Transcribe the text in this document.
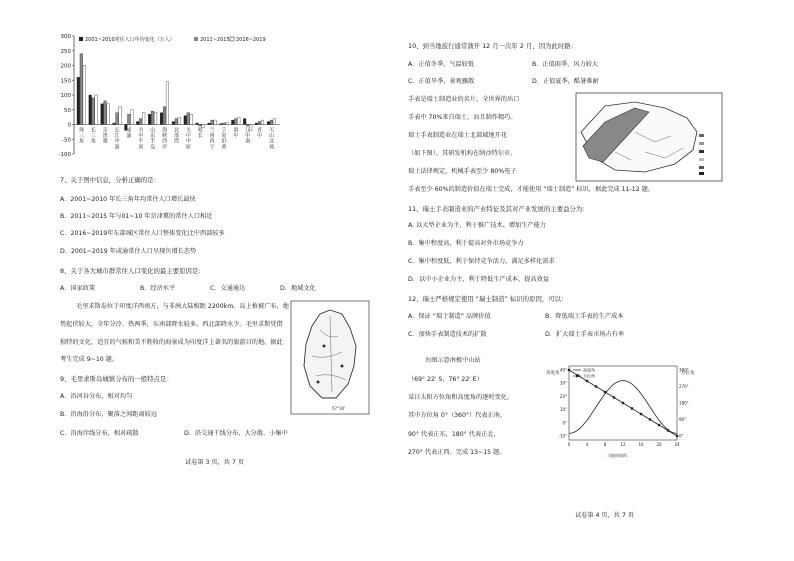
300
250
200
150
100
50
0
-50
-100
2001~2010常住人口年均变化（万人）	2011~2015 2016~2019
珠三角
长三角
京津冀
长江中游
成渝
关中平原
山东半岛
海峡西岸
北部湾
关中中原
哈长
兰州西宁
宁夏沿黄
滇中
辽中南
晋中
天山北坡
7、关于图中信息，分析正确的是：
A．2001~2010 年长三角年均常住人口增长最快
B．2011~2015 年与01~10 年京津冀的常住人口相近
C．2016~2019年东部城区常住人口整体变化比中西部较多
D．2001~2019 年成渝常住人口呈现负增长态势
8、关于各大城市群常住人口变化的最主要原因是：
A．国家政策	B．经济水平	C．交通通达	D．地域文化
毛里求斯岛位于印度洋西南方，与非洲大陆相距 2200km。岛上植被广布，地
势起伏较大，全年分冷、热两季，东南部降水较多，西北部降水少。毛里求斯凭借
独特的文化、适宜的气候和美不胜收的海景成为印度洋上著名的旅游目的地。据此
考生完成 9~10 题。
9、毛里求斯岛城镇分布的一般特点是：
A．沿河谷分布，相对均匀
B．沿海沿分布，聚落之间距离较远
C．沿海岸线分布，相对疏散	D．沿交通干线分布，大分散、小集中
试卷第 3 页，共 7 页
57°30'
10、到当地旅行通常蒲开 12 月一次年 2 月，因为此时路：
A．正值冬季，气温较低	B．正值雨季，风力较大
C．正值旱季，景观骤散	D．正值夏季，酷暑难耐
手表是瑞士制造业的名片，全世界的出口
手表中 70%来自瑞士，而且制作精巧。
瑞士手表制造业在瑞士北部域地开花
（如下图），其研发机构在纳沙特尔市。
瑞士法律规定，机械手表至少 80%电子
手表至少 60%的制造价值在瑞士完成，才能使用 “瑞士制造” 标识，据此完成 11-12 题。
11、瑞士手表制造业的产业特征及其对产业发展的主要益分为：
A. 以大型企业为主，利于推广技术、增加生产能力
B．集中程度高，利于提高对外市场竞争力
C．集中程度低，利于保持竞争活力，满足多样化需求
D．以中小企业为主，利于降低生产成本，提高效益
12、瑞士严格规定使用 “瑞士制造” 标识的原因，可以：
A．保证 “瑞士制造” 品牌价值	B．降低瑞士手表的生产成本
C．加快手表制造技术的扩散	D．扩大瑞士手表市场占有率
右图示意南极中山站
（69° 22′ S，76° 22′ E）
某日太阳方位角和高度角的逐时变化。
其中方位角 0°（360°）代表正南，
90° 代表正东，180° 代表正北，
270° 代表正西。完成 13~15 题。
高度角	方位角
当地时间/h
40°
30°
20°
10°
0°
-10°
360°
270°
180°
90°
0°
0	4	8	12	16	20	24
高度角
方位角
试卷第 4 页，共 7 页
